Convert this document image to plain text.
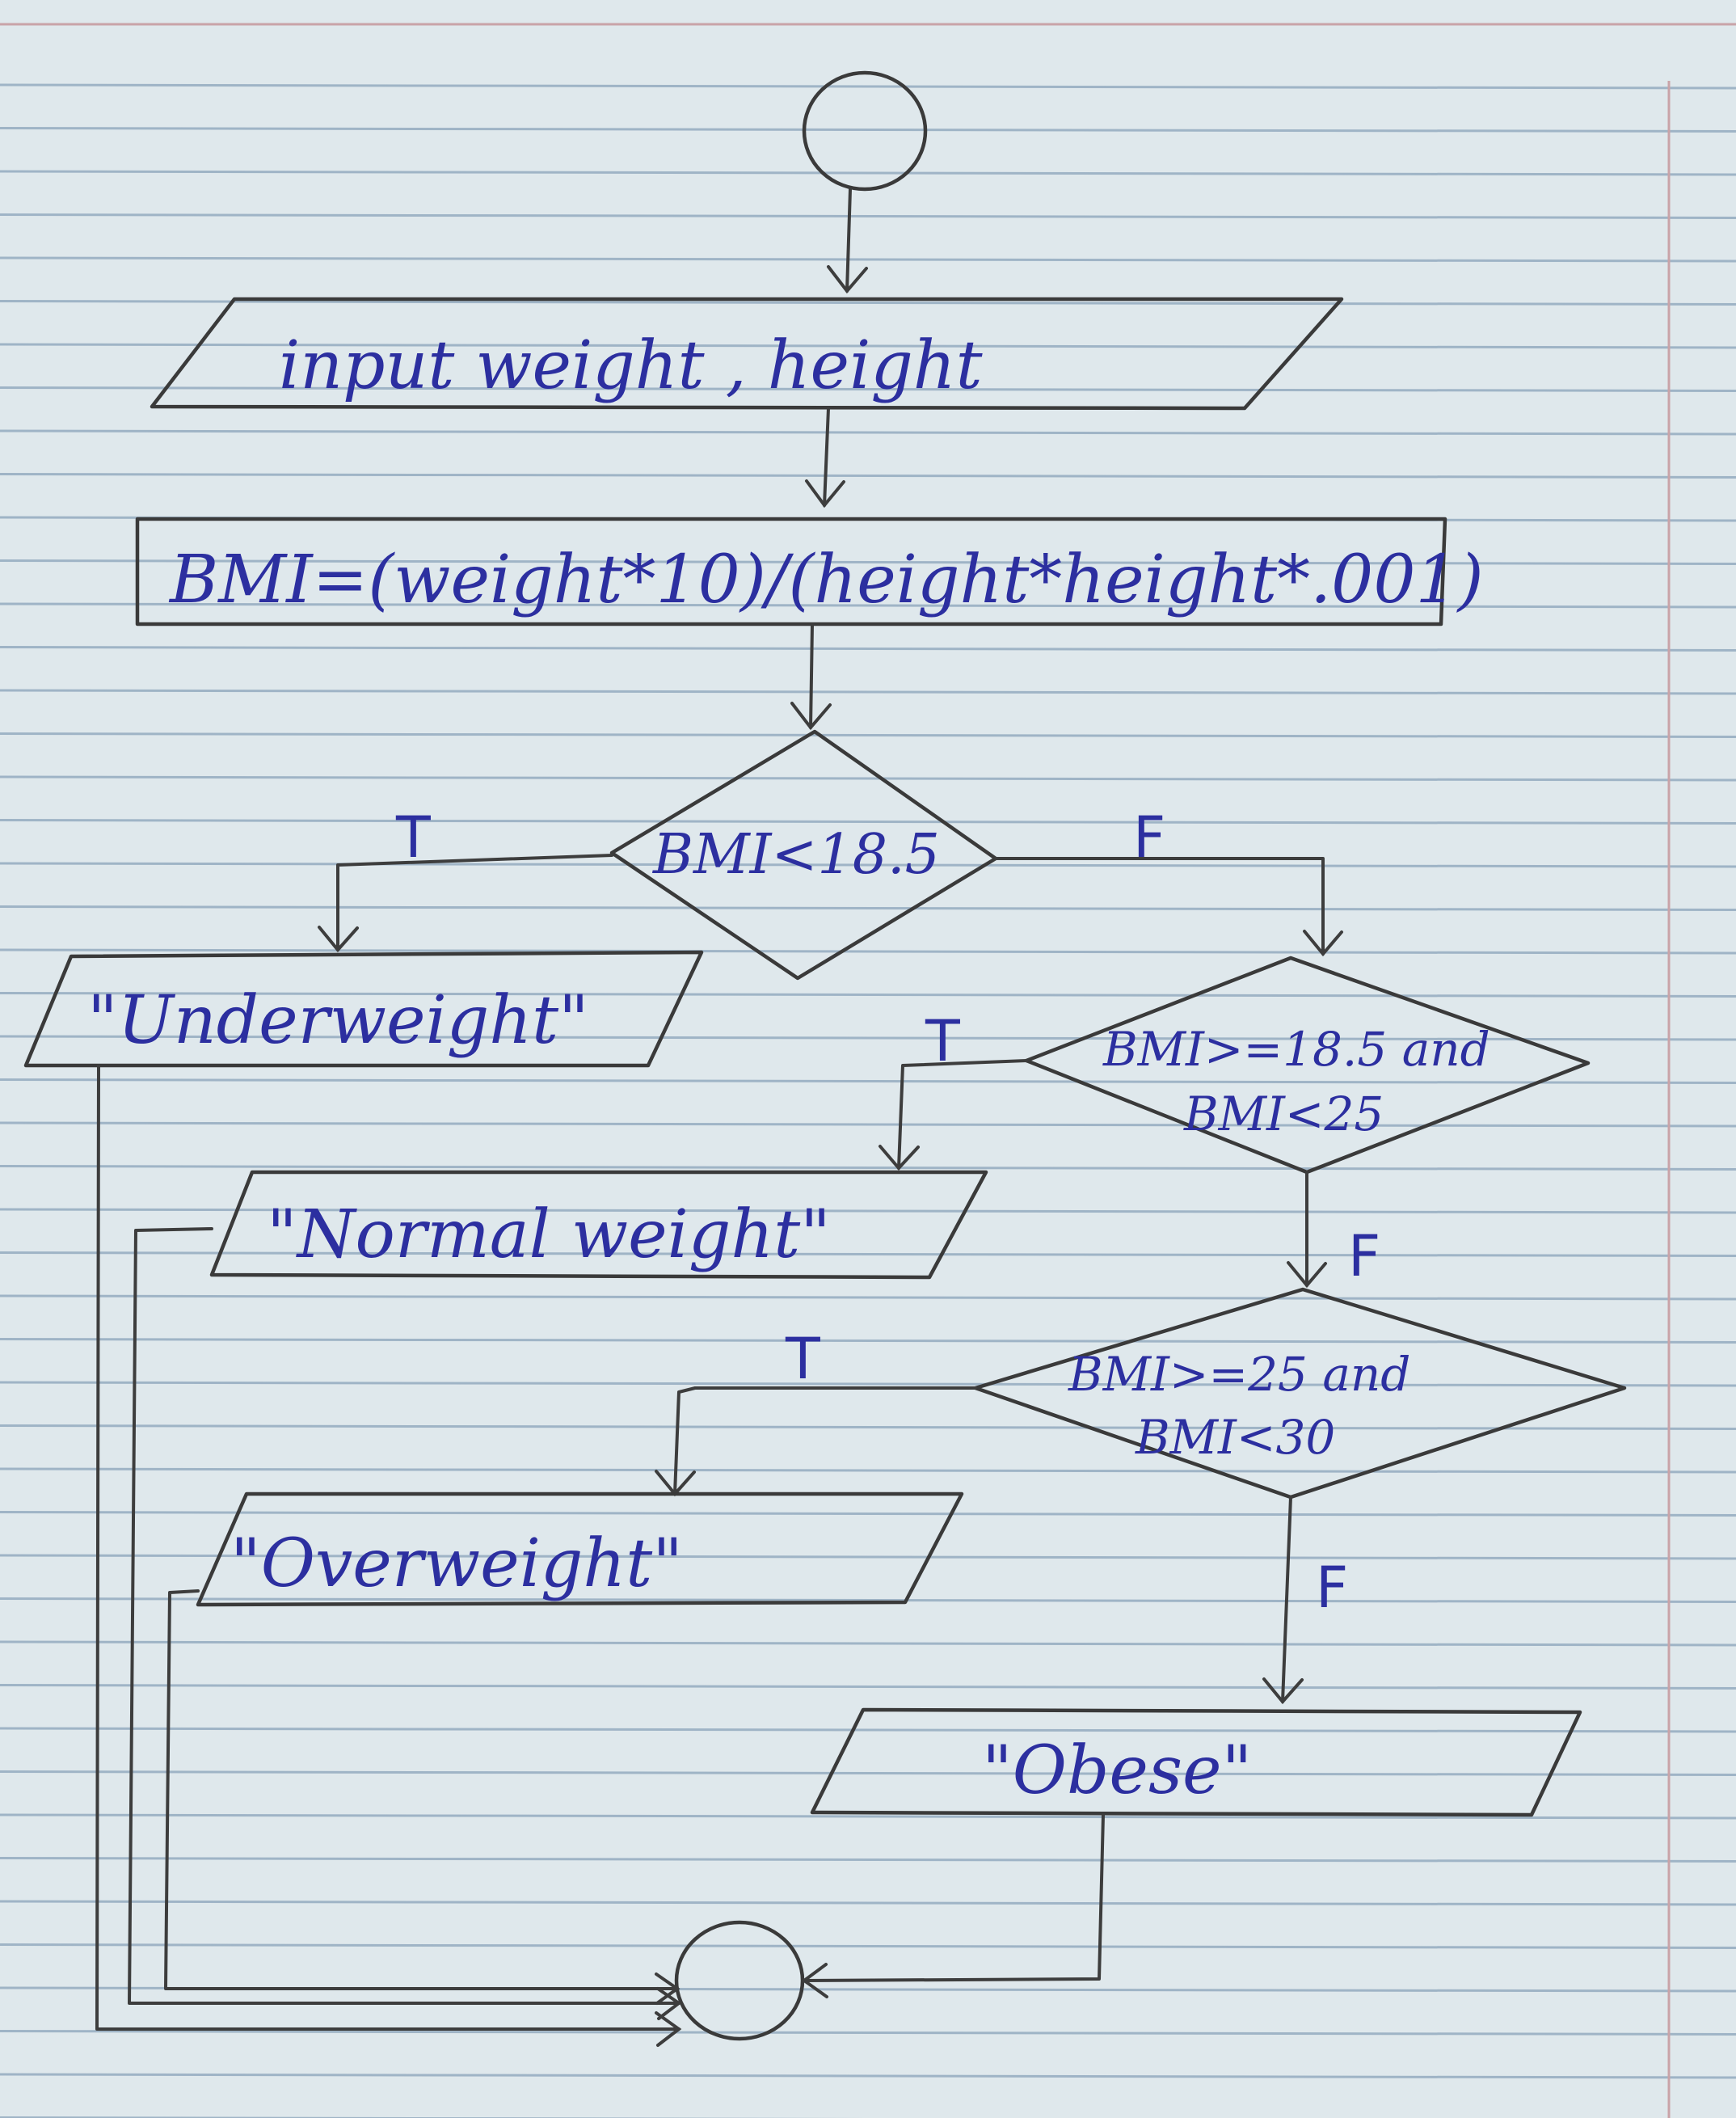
input weight , height
BMI=(weight*10)/(height*height*.001)
BMI<18.5
T	F
"Underweight"	BMI>=18.5 and
BMI<25
T
F
"Normal weight"
BMI>=25 and
BMI<30
T
F
"Overweight"
"Obese"
